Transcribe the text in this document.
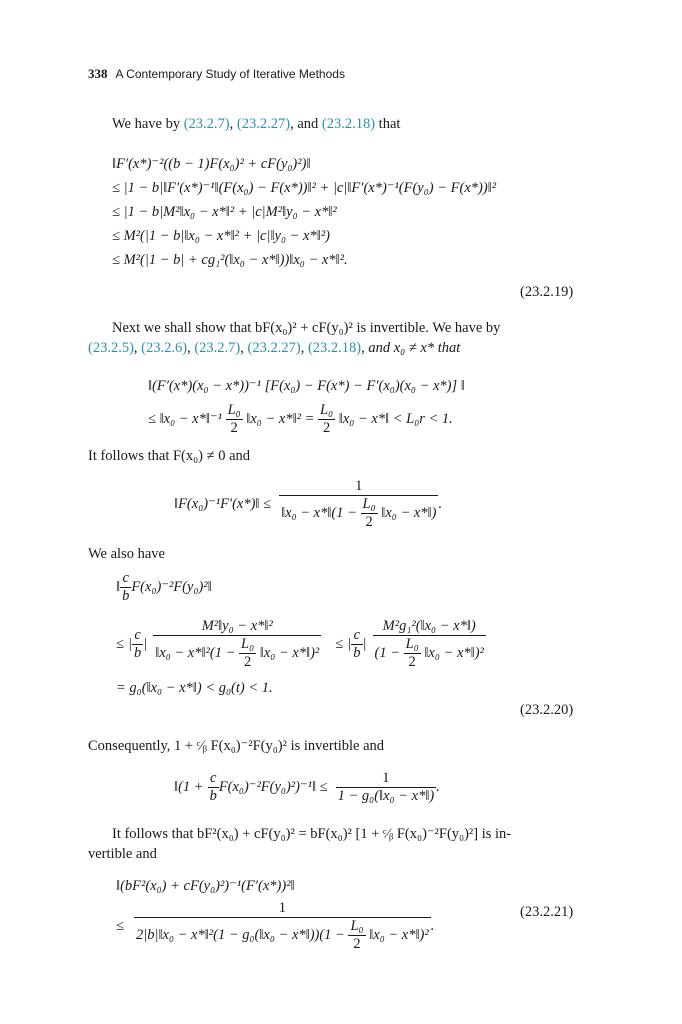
338 A Contemporary Study of Iterative Methods
We have by (23.2.7), (23.2.27), and (23.2.18) that
‖F′(x*)⁻²((b − 1)F(x₀)² + cF(y₀)²)‖
≤ |1 − b|‖F′(x*)⁻¹‖(F(x₀) − F(x*))‖² + |c|‖F′(x*)⁻¹(F(y₀) − F(x*))‖²
≤ |1 − b|M²‖x₀ − x*‖² + |c|M²‖y₀ − x*‖²
≤ M²(|1 − b|‖x₀ − x*‖² + |c|‖y₀ − x*‖²)
≤ M²(|1 − b| + cg₁²(‖x₀ − x*‖))‖x₀ − x*‖².
(23.2.19)
Next we shall show that bF(x₀)² + cF(y₀)² is invertible. We have by
(23.2.5), (23.2.6), (23.2.7), (23.2.27), (23.2.18), and x₀ ≠ x* that
‖(F′(x*)(x₀ − x*))⁻¹ [F(x₀) − F(x*) − F′(x₀)(x₀ − x*)] ‖
≤ ‖x₀ − x*‖⁻¹ $\frac{\text{L₀}}{2}$ ‖x₀ − x*‖² = $\frac{\text{L₀}}{2}$ ‖x₀ − x*‖ < L₀r < 1.
It follows that F(x₀) ≠ 0 and
‖F(x₀)⁻¹F′(x*)‖ ≤ $\frac{1}{‖x_0 - x*‖(1 - \frac{\text{L₀}}{2} ‖x_0 - x*‖)}$ .
We also have
‖ $\frac{c}{b}$ F(x₀)⁻²F(y₀)²‖
≤ | $\frac{c}{b}$ | $\frac{\text{M²‖y₀ − x*‖²}}{‖x_0 - x*‖^2(1 - \frac{\text{L₀}}{2} ‖x_0 - x*‖)^2}$ ≤ | $\frac{c}{b}$ | $\frac{\text{M²g₁²(‖x₀ − x*‖)}}{(1 - \frac{\text{L₀}}{2} ‖x_0 - x*‖)^2}$
= g₀(‖x₀ − x*‖) < g₀(t) < 1.
(23.2.20)
Consequently, 1 + ᶜ⁄ᵦ F(x₀)⁻²F(y₀)² is invertible and
‖(1 + $\frac{c}{b}$ F(x₀)⁻²F(y₀)²)⁻¹‖ ≤ $\frac{1}{\text{1 − g₀(‖x₀ − x*‖)}}$ .
It follows that bF²(x₀) + cF(y₀)² = bF(x₀)² [1 + ᶜ⁄ᵦ F(x₀)⁻²F(y₀)²] is in-
vertible and
‖(bF²(x₀) + cF(y₀)²)⁻¹(F′(x*))²‖
≤ $\frac{1}{2|b|‖x_0 - x*‖^2(1 - g_0(‖x_0 - x*‖))(1 - \frac{\text{L₀}}{2} ‖x_0 - x*‖)^2}$ .
(23.2.21)
